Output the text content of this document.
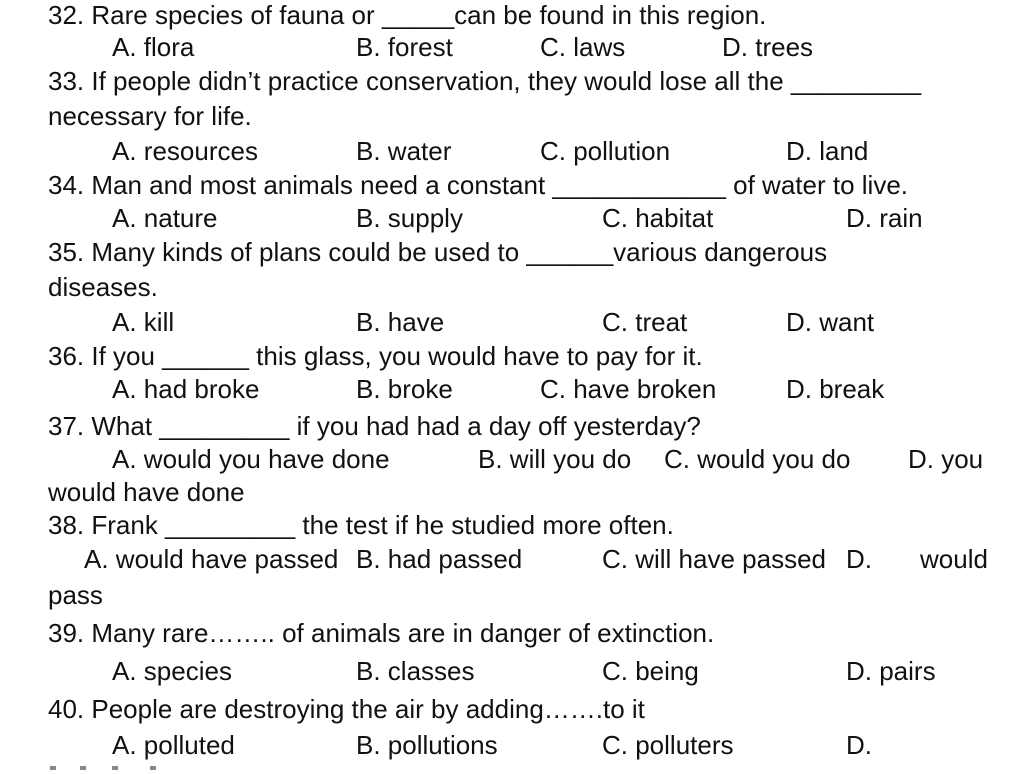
32. Rare species of fauna or _____can be found in this region.
A. flora	B. forest	C. laws	D. trees
33. If people didn’t practice conservation, they would lose all the _________
necessary for life.
A. resources	B. water	C. pollution	D. land
34. Man and most animals need a constant ____________ of water to live.
A. nature	B. supply	C. habitat	D. rain
35. Many kinds of plans could be used to ______various dangerous
diseases.
A. kill	B. have	C. treat	D. want
36. If you ______ this glass, you would have to pay for it.
A. had broke	B. broke	C. have broken	D. break
37. What _________ if you had had a day off yesterday?
A. would you have done	B. will you do C. would you do D. you
would have done
38. Frank _________ the test if he studied more often.
A. would have passed B. had passed	C. will have passed D. would
pass
39. Many rare…….. of animals are in danger of extinction.
A. species	B. classes	C. being	D. pairs
40. People are destroying the air by adding…….to it
A. polluted	B. pollutions	C. polluters	D.
